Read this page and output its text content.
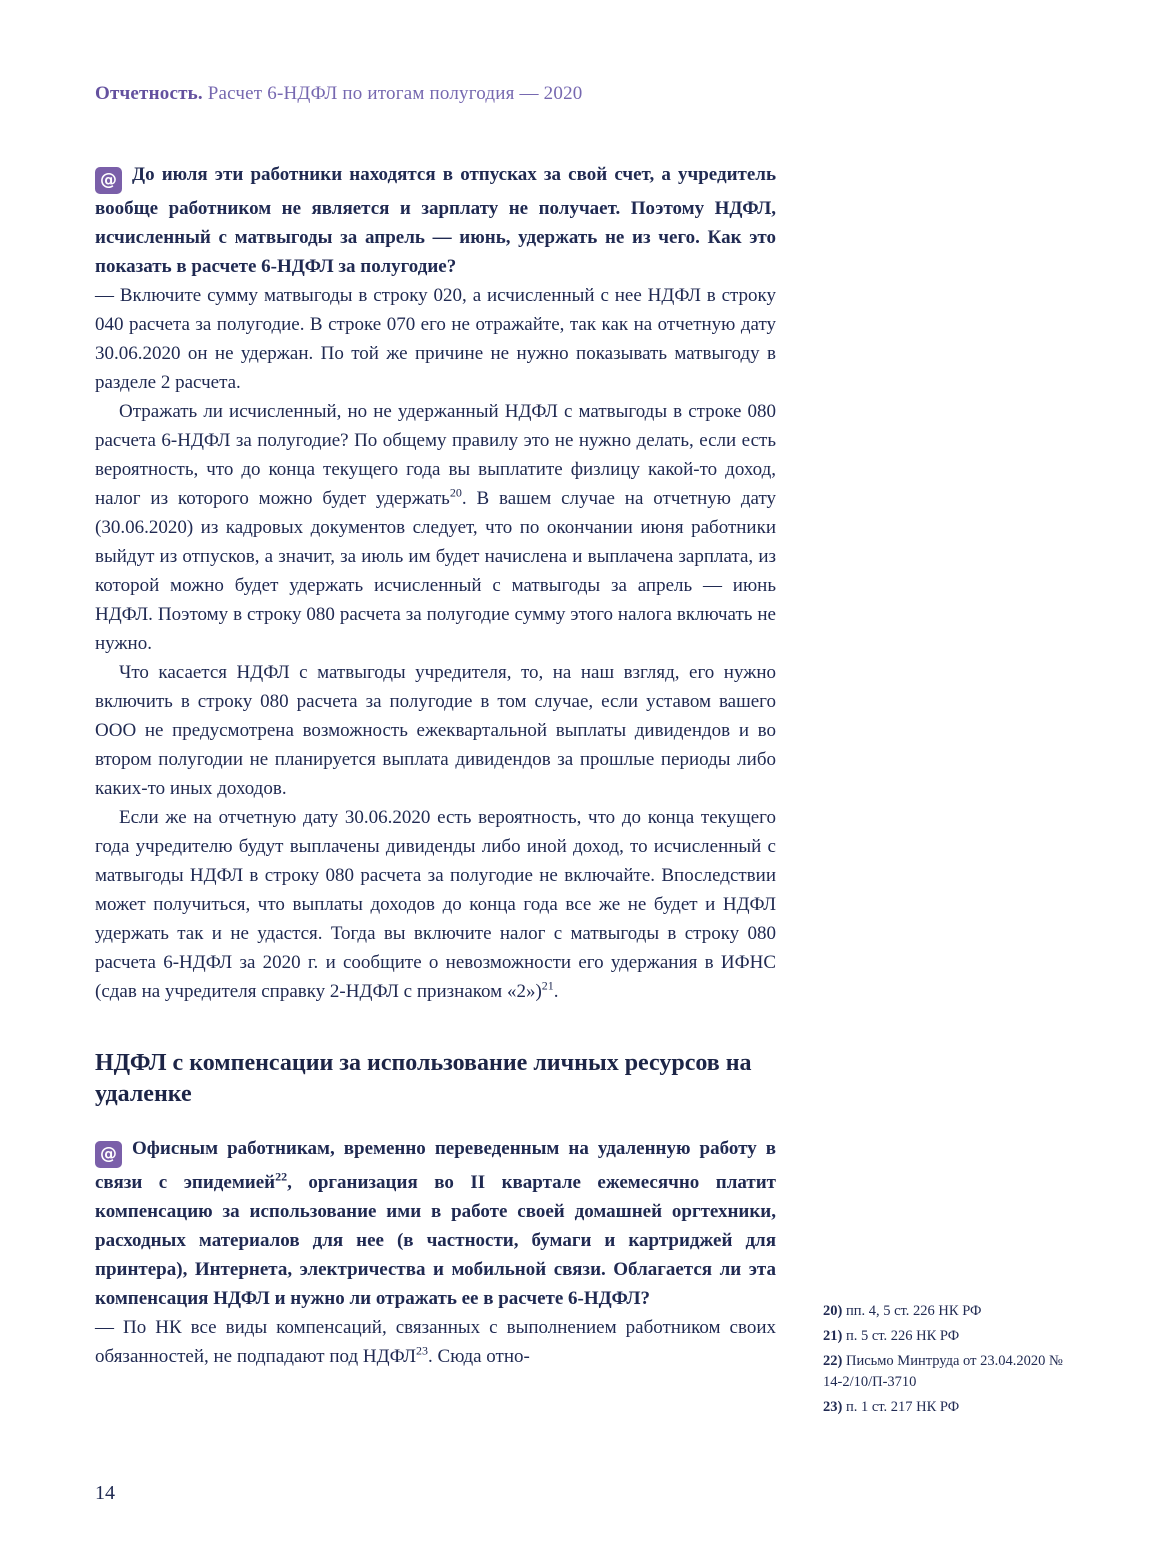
Отчетность. Расчет 6-НДФЛ по итогам полугодия — 2020

@ До июля эти работники находятся в отпусках за свой счет, а учредитель вообще работником не является и зарплату не получает. Поэтому НДФЛ, исчисленный с матвыгоды за апрель — июнь, удержать не из чего. Как это показать в расчете 6-НДФЛ за полугодие?

— Включите сумму матвыгоды в строку 020, а исчисленный с нее НДФЛ в строку 040 расчета за полугодие. В строке 070 его не отражайте, так как на отчетную дату 30.06.2020 он не удержан. По той же причине не нужно показывать матвыгоду в разделе 2 расчета.

Отражать ли исчисленный, но не удержанный НДФЛ с матвыгоды в строке 080 расчета 6-НДФЛ за полугодие? По общему правилу это не нужно делать, если есть вероятность, что до конца текущего года вы выплатите физлицу какой-то доход, налог из которого можно будет удержать$^{20}$. В вашем случае на отчетную дату (30.06.2020) из кадровых документов следует, что по окончании июня работники выйдут из отпусков, а значит, за июль им будет начислена и выплачена зарплата, из которой можно будет удержать исчисленный с матвыгоды за апрель — июнь НДФЛ. Поэтому в строку 080 расчета за полугодие сумму этого налога включать не нужно.

Что касается НДФЛ с матвыгоды учредителя, то, на наш взгляд, его нужно включить в строку 080 расчета за полугодие в том случае, если уставом вашего ООО не предусмотрена возможность ежеквартальной выплаты дивидендов и во втором полугодии не планируется выплата дивидендов за прошлые периоды либо каких-то иных доходов.

Если же на отчетную дату 30.06.2020 есть вероятность, что до конца текущего года учредителю будут выплачены дивиденды либо иной доход, то исчисленный с матвыгоды НДФЛ в строку 080 расчета за полугодие не включайте. Впоследствии может получиться, что выплаты доходов до конца года все же не будет и НДФЛ удержать так и не удастся. Тогда вы включите налог с матвыгоды в строку 080 расчета 6-НДФЛ за 2020 г. и сообщите о невозможности его удержания в ИФНС (сдав на учредителя справку 2-НДФЛ с признаком «2»)$^{21}$.

НДФЛ с компенсации за использование личных ресурсов на удаленке

@ Офисным работникам, временно переведенным на удаленную работу в связи с эпидемией$^{22}$, организация во II квартале ежемесячно платит компенсацию за использование ими в работе своей домашней оргтехники, расходных материалов для нее (в частности, бумаги и картриджей для принтера), Интернета, электричества и мобильной связи. Облагается ли эта компенсация НДФЛ и нужно ли отражать ее в расчете 6-НДФЛ?

— По НК все виды компенсаций, связанных с выполнением работником своих обязанностей, не подпадают под НДФЛ$^{23}$. Сюда отно-

20) пп. 4, 5 ст. 226 НК РФ

21) п. 5 ст. 226 НК РФ

22) Письмо Минтруда от 23.04.2020 № 14-2/10/П-3710

23) п. 1 ст. 217 НК РФ

14
